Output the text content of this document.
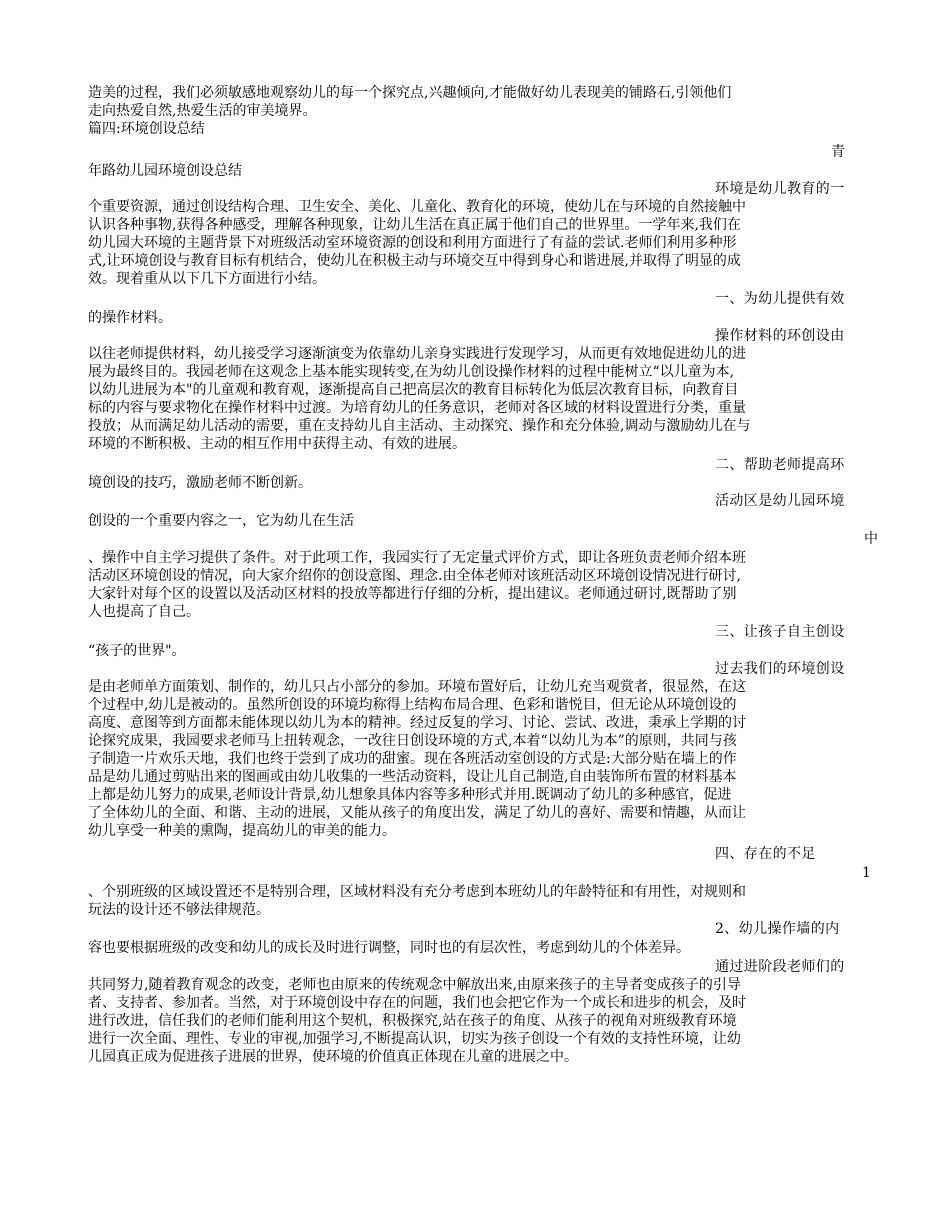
造美的过程，我们必须敏感地观察幼儿的每一个探究点,兴趣倾向,才能做好幼儿表现美的铺路石,引领他们
走向热爱自然,热爱生活的审美境界。
篇四:环境创设总结
青
年路幼儿园环境创设总结
环境是幼儿教育的一
个重要资源，通过创设结构合理、卫生安全、美化、儿童化、教育化的环境，使幼儿在与环境的自然接触中
认识各种事物,获得各种感受，理解各种现象，让幼儿生活在真正属于他们自己的世界里。一学年来,我们在
幼儿园大环境的主题背景下对班级活动室环境资源的创设和利用方面进行了有益的尝试.老师们利用多种形
式,让环境创设与教育目标有机结合，使幼儿在积极主动与环境交互中得到身心和谐进展,并取得了明显的成
效。现着重从以下几下方面进行小结。
一、为幼儿提供有效
的操作材料。
操作材料的环创设由
以往老师提供材料，幼儿接受学习逐渐演变为依靠幼儿亲身实践进行发现学习，从而更有效地促进幼儿的进
展为最终目的。我园老师在这观念上基本能实现转变,在为幼儿创设操作材料的过程中能树立“以儿童为本,
以幼儿进展为本"的儿童观和教育观，逐渐提高自己把高层次的教育目标转化为低层次教育目标，向教育目
标的内容与要求物化在操作材料中过渡。为培育幼儿的任务意识，老师对各区域的材料设置进行分类，重量
投放；从而满足幼儿活动的需要，重在支持幼儿自主活动、主动探究、操作和充分体验,调动与激励幼儿在与
环境的不断积极、主动的相互作用中获得主动、有效的进展。
二、帮助老师提高环
境创设的技巧，激励老师不断创新。
活动区是幼儿园环境
创设的一个重要内容之一，它为幼儿在生活
中
、操作中自主学习提供了条件。对于此项工作，我园实行了无定量式评价方式，即让各班负责老师介绍本班
活动区环境创设的情况，向大家介绍你的创设意图、理念.由全体老师对该班活动区环境创设情况进行研讨,
大家针对每个区的设置以及活动区材料的投放等都进行仔细的分析，提出建议。老师通过研讨,既帮助了别
人也提高了自己。
三、让孩子自主创设
“孩子的世界"。
过去我们的环境创设
是由老师单方面策划、制作的，幼儿只占小部分的参加。环境布置好后，让幼儿充当观赏者，很显然，在这
个过程中,幼儿是被动的。虽然所创设的环境均称得上结构布局合理、色彩和谐悦目，但无论从环境创设的
高度、意图等到方面都未能体现以幼儿为本的精神。经过反复的学习、讨论、尝试、改进，秉承上学期的讨
论探究成果，我园要求老师马上扭转观念，一改往日创设环境的方式,本着“以幼儿为本”的原则，共同与孩
子制造一片欢乐天地，我们也终于尝到了成功的甜蜜。现在各班活动室创设的方式是:大部分贴在墙上的作
品是幼儿通过剪贴出来的图画或由幼儿收集的一些活动资料，设让儿自己制造,自由装饰所布置的材料基本
上都是幼儿努力的成果,老师设计背景,幼儿想象具体内容等多种形式并用.既调动了幼儿的多种感官，促进
了全体幼儿的全面、和谐、主动的进展，又能从孩子的角度出发，满足了幼儿的喜好、需要和情趣，从而让
幼儿享受一种美的熏陶，提高幼儿的审美的能力。
四、存在的不足
1
、个别班级的区域设置还不是特别合理，区域材料没有充分考虑到本班幼儿的年龄特征和有用性，对规则和
玩法的设计还不够法律规范。
2、幼儿操作墙的内
容也要根据班级的改变和幼儿的成长及时进行调整，同时也的有层次性，考虑到幼儿的个体差异。
通过进阶段老师们的
共同努力,随着教育观念的改变，老师也由原来的传统观念中解放出来,由原来孩子的主导者变成孩子的引导
者、支持者、参加者。当然，对于环境创设中存在的问题，我们也会把它作为一个成长和进步的机会，及时
进行改进，信任我们的老师们能利用这个契机，积极探究,站在孩子的角度、从孩子的视角对班级教育环境
进行一次全面、理性、专业的审视,加强学习,不断提高认识，切实为孩子创设一个有效的支持性环境，让幼
儿园真正成为促进孩子进展的世界，使环境的价值真正体现在儿童的进展之中。
